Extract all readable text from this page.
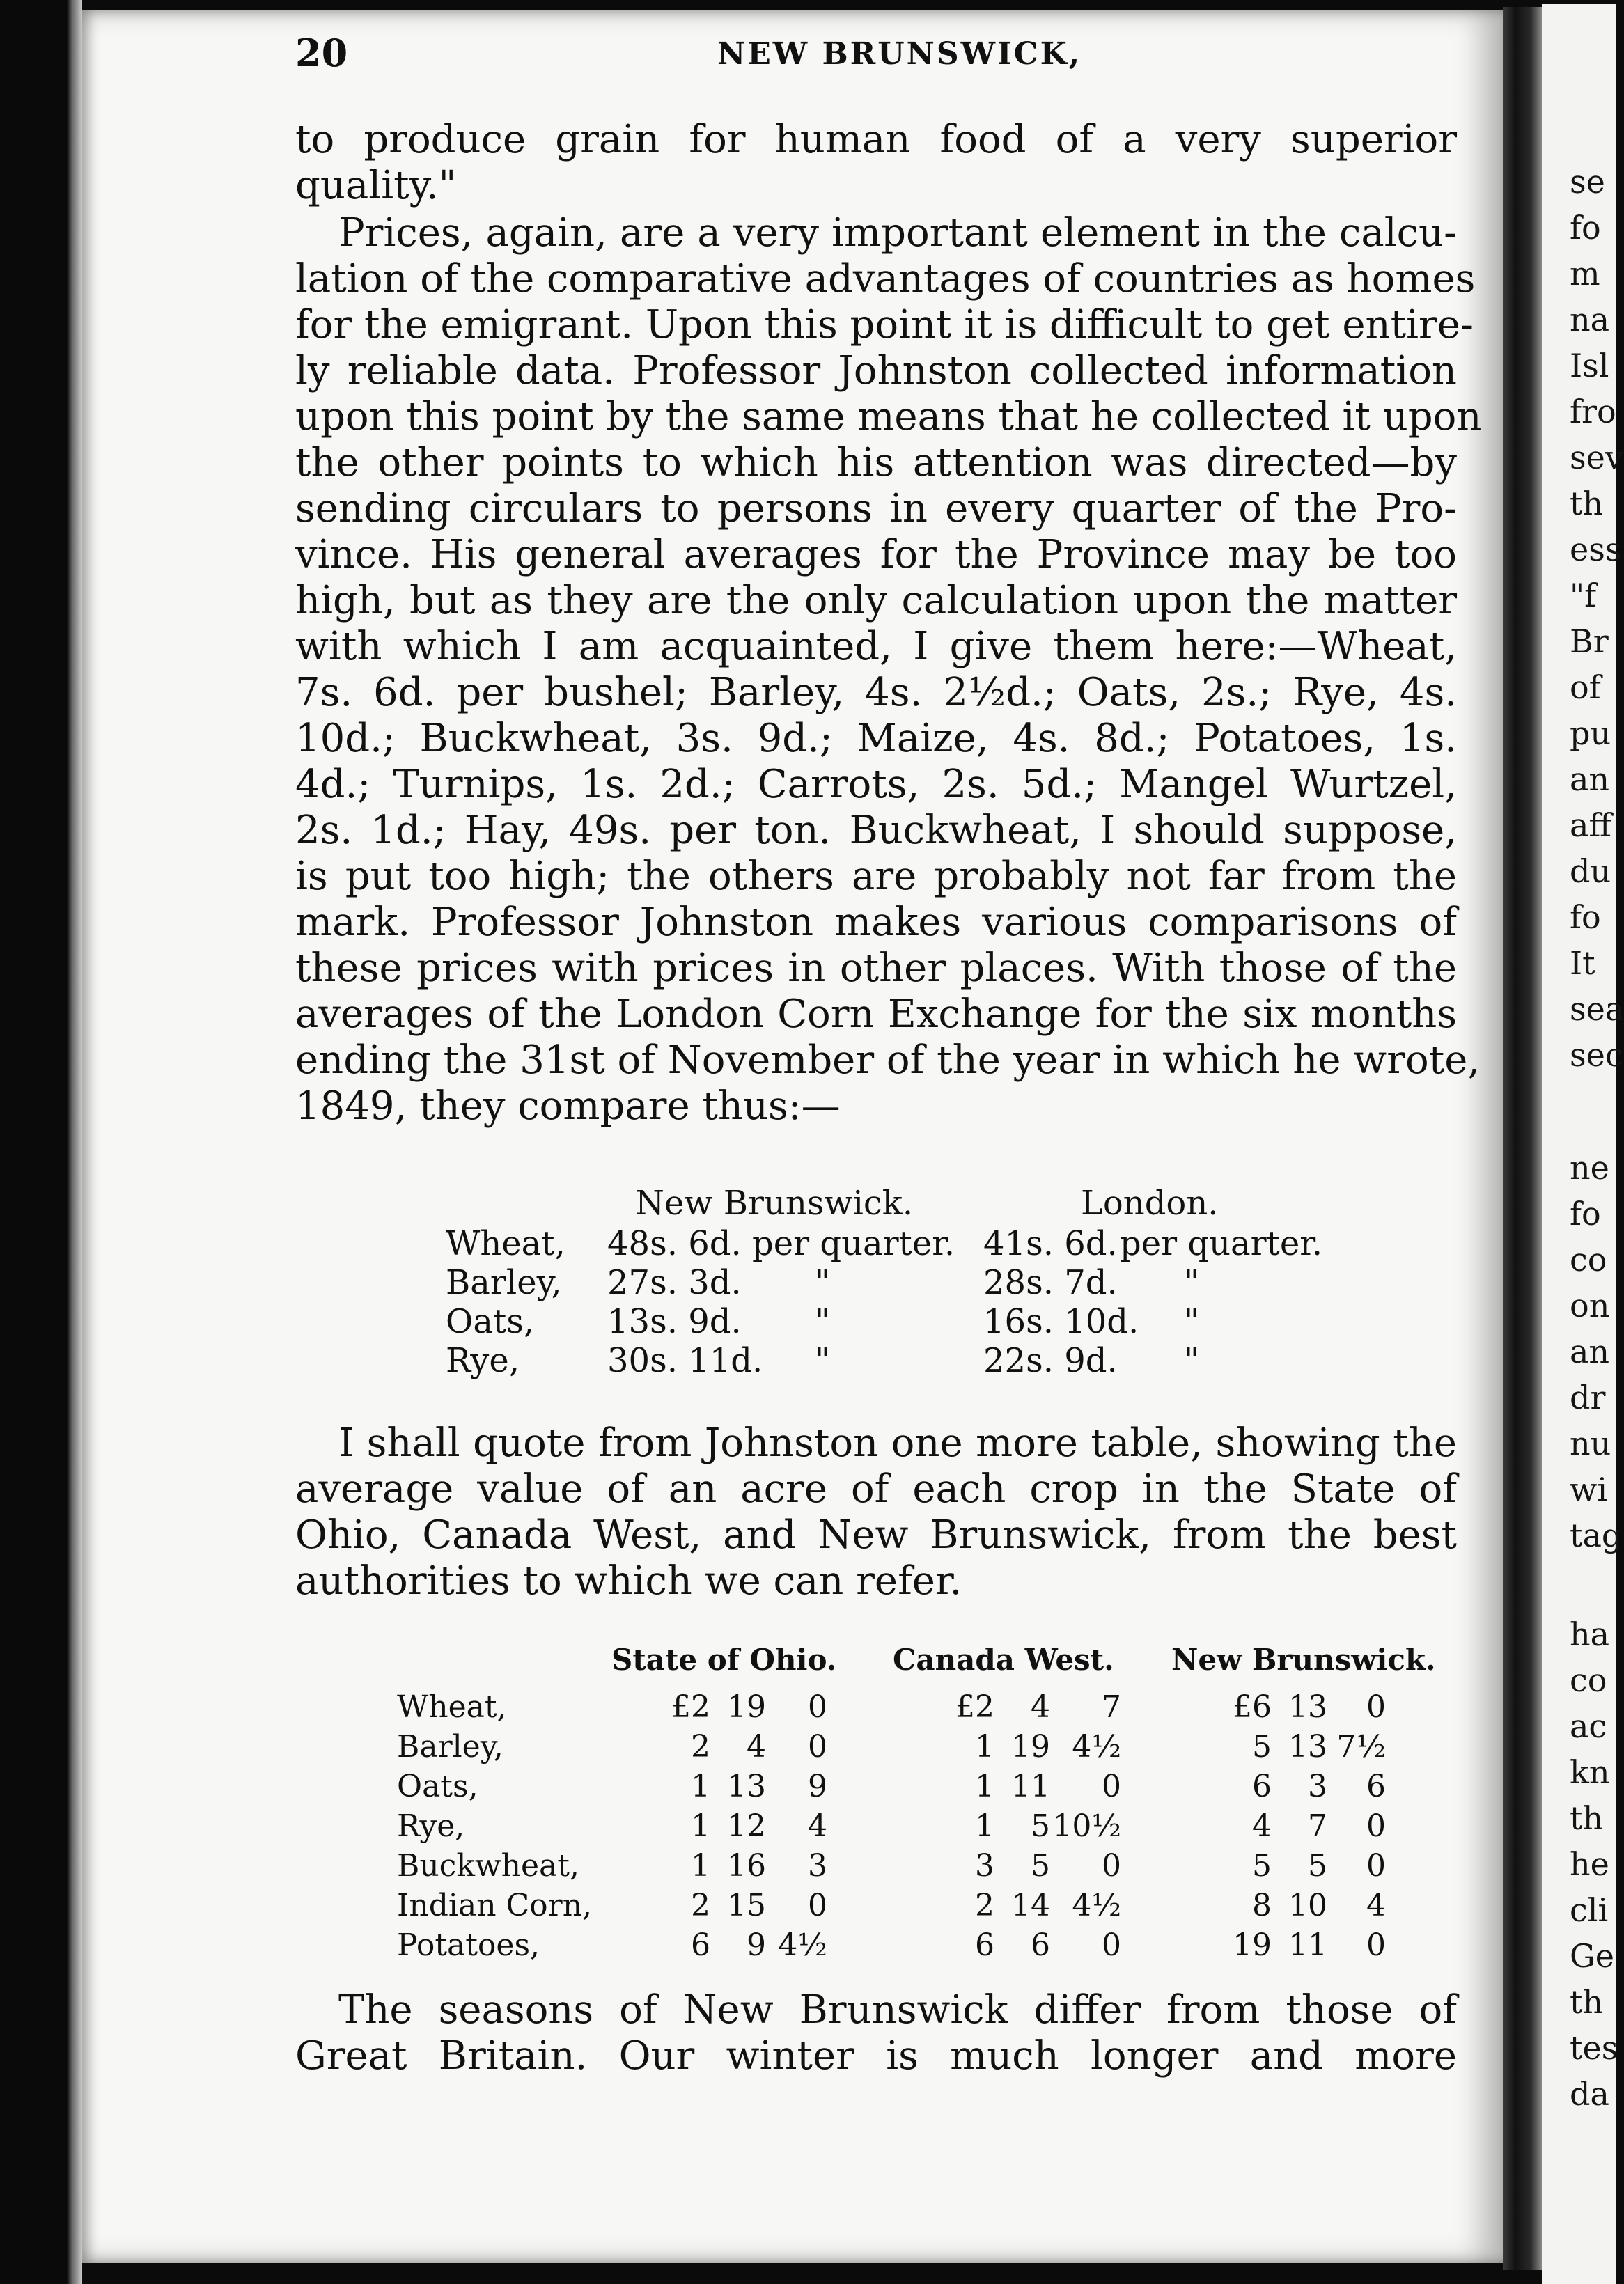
20	NEW BRUNSWICK,
to produce grain for human food of a very superior
quality."
Prices, again, are a very important element in the calcu-
lation of the comparative advantages of countries as homes
for the emigrant. Upon this point it is difficult to get entire-
ly reliable data. Professor Johnston collected information
upon this point by the same means that he collected it upon
the other points to which his attention was directed—by
sending circulars to persons in every quarter of the Pro-
vince. His general averages for the Province may be too
high, but as they are the only calculation upon the matter
with which I am acquainted, I give them here:—Wheat,
7s. 6d. per bushel; Barley, 4s. 2½d.; Oats, 2s.; Rye, 4s.
10d.; Buckwheat, 3s. 9d.; Maize, 4s. 8d.; Potatoes, 1s.
4d.; Turnips, 1s. 2d.; Carrots, 2s. 5d.; Mangel Wurtzel,
2s. 1d.; Hay, 49s. per ton. Buckwheat, I should suppose,
is put too high; the others are probably not far from the
mark. Professor Johnston makes various comparisons of
these prices with prices in other places. With those of the
averages of the London Corn Exchange for the six months
ending the 31st of November of the year in which he wrote,
1849, they compare thus:—
New Brunswick.	London.
Wheat, 48s. 6d. per quarter. 41s. 6d. per quarter.
Barley, 27s. 3d. "	28s. 7d. "
Oats, 13s. 9d. "	16s. 10d. "
Rye,	30s. 11d. "	22s. 9d. "
I shall quote from Johnston one more table, showing the
average value of an acre of each crop in the State of
Ohio, Canada West, and New Brunswick, from the best
authorities to which we can refer.
State of Ohio. Canada West. New Brunswick.
Wheat,	£2 19 0	£2 4 7	£6 13 0
Barley,	2 4 0	1 19 4½	5 13 7½
Oats,	1 13 9	1 11 0	6 3 6
Rye,	1 12 4	1 5 10½	4 7 0
Buckwheat,	1 16 3	3 5 0	5 5 0
Indian Corn,	2 15 0	2 14 4½	8 10 4
Potatoes,	6 9 4½	6 6 0	19 11 0
The seasons of New Brunswick differ from those of
Great Britain. Our winter is much longer and more
se
fo
m
na
Isl
fro
sev
th
ess
"f
Br
of
pu
an
aff
du
fo
It
sea
sec
ne
fo
co
on
an
dr
nu
wi
tag
ha
co
ac
kn
th
he
cli
Ge
th
tes
da
